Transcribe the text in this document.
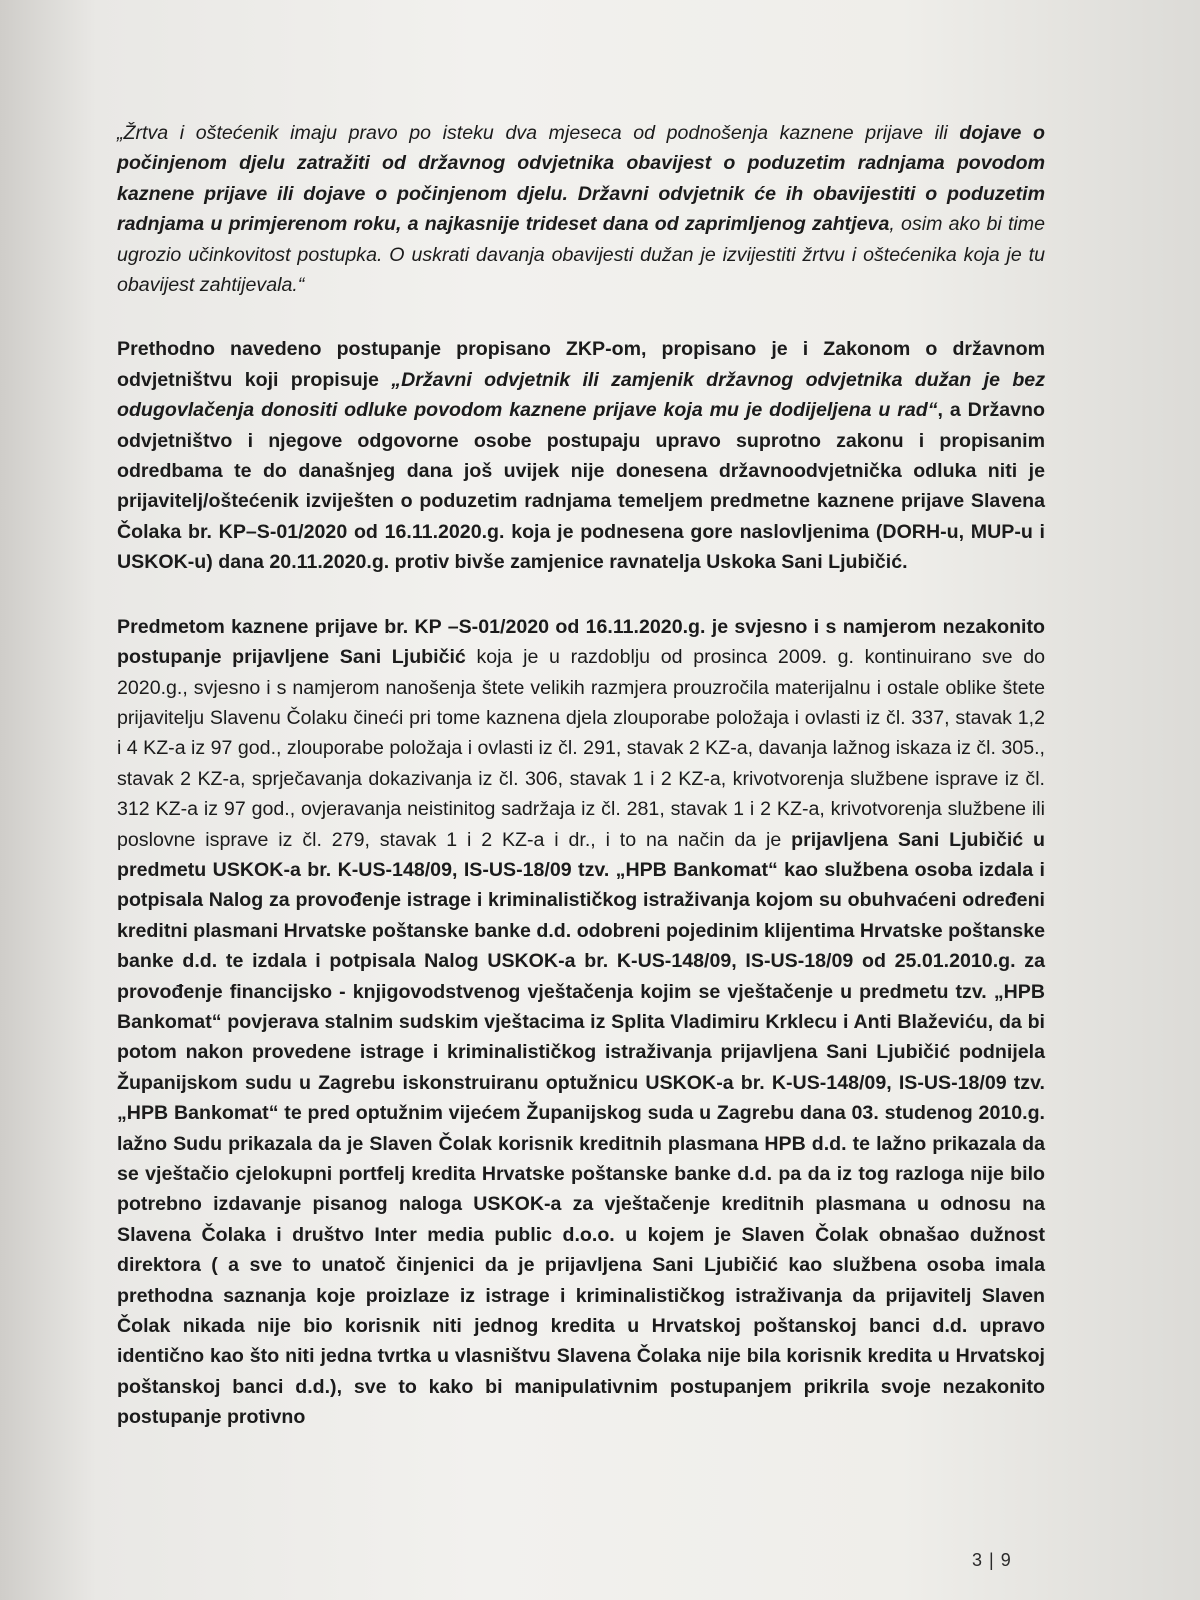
„Žrtva i oštećenik imaju pravo po isteku dva mjeseca od podnošenja kaznene prijave ili dojave o počinjenom djelu zatražiti od državnog odvjetnika obavijest o poduzetim radnjama povodom kaznene prijave ili dojave o počinjenom djelu. Državni odvjetnik će ih obavijestiti o poduzetim radnjama u primjerenom roku, a najkasnije trideset dana od zaprimljenog zahtjeva, osim ako bi time ugrozio učinkovitost postupka. O uskrati davanja obavijesti dužan je izvijestiti žrtvu i oštećenika koja je tu obavijest zahtijevala.“

Prethodno navedeno postupanje propisano ZKP-om, propisano je i Zakonom o državnom odvjetništvu koji propisuje „Državni odvjetnik ili zamjenik državnog odvjetnika dužan je bez odugovlačenja donositi odluke povodom kaznene prijave koja mu je dodijeljena u rad“, a Državno odvjetništvo i njegove odgovorne osobe postupaju upravo suprotno zakonu i propisanim odredbama te do današnjeg dana još uvijek nije donesena državnoodvjetnička odluka niti je prijavitelj/oštećenik izviješten o poduzetim radnjama temeljem predmetne kaznene prijave Slavena Čolaka br. KP–S-01/2020 od 16.11.2020.g. koja je podnesena gore naslovljenima (DORH-u, MUP-u i USKOK-u) dana 20.11.2020.g. protiv bivše zamjenice ravnatelja Uskoka Sani Ljubičić.

Predmetom kaznene prijave br. KP –S-01/2020 od 16.11.2020.g. je svjesno i s namjerom nezakonito postupanje prijavljene Sani Ljubičić koja je u razdoblju od prosinca 2009. g. kontinuirano sve do 2020.g., svjesno i s namjerom nanošenja štete velikih razmjera prouzročila materijalnu i ostale oblike štete prijavitelju Slavenu Čolaku čineći pri tome kaznena djela zlouporabe položaja i ovlasti iz čl. 337, stavak 1,2 i 4 KZ-a iz 97 god., zlouporabe položaja i ovlasti iz čl. 291, stavak 2 KZ-a, davanja lažnog iskaza iz čl. 305., stavak 2 KZ-a, sprječavanja dokazivanja iz čl. 306, stavak 1 i 2 KZ-a, krivotvorenja službene isprave iz čl. 312 KZ-a iz 97 god., ovjeravanja neistinitog sadržaja iz čl. 281, stavak 1 i 2 KZ-a, krivotvorenja službene ili poslovne isprave iz čl. 279, stavak 1 i 2 KZ-a i dr., i to na način da je prijavljena Sani Ljubičić u predmetu USKOK-a br. K-US-148/09, IS-US-18/09 tzv. „HPB Bankomat“ kao službena osoba izdala i potpisala Nalog za provođenje istrage i kriminalističkog istraživanja kojom su obuhvaćeni određeni kreditni plasmani Hrvatske poštanske banke d.d. odobreni pojedinim klijentima Hrvatske poštanske banke d.d. te izdala i potpisala Nalog USKOK-a br. K-US-148/09, IS-US-18/09 od 25.01.2010.g. za provođenje financijsko - knjigovodstvenog vještačenja kojim se vještačenje u predmetu tzv. „HPB Bankomat“ povjerava stalnim sudskim vještacima iz Splita Vladimiru Krklecu i Anti Blaževiću, da bi potom nakon provedene istrage i kriminalističkog istraživanja prijavljena Sani Ljubičić podnijela Županijskom sudu u Zagrebu iskonstruiranu optužnicu USKOK-a br. K-US-148/09, IS-US-18/09 tzv. „HPB Bankomat“ te pred optužnim vijećem Županijskog suda u Zagrebu dana 03. studenog 2010.g. lažno Sudu prikazala da je Slaven Čolak korisnik kreditnih plasmana HPB d.d. te lažno prikazala da se vještačio cjelokupni portfelj kredita Hrvatske poštanske banke d.d. pa da iz tog razloga nije bilo potrebno izdavanje pisanog naloga USKOK-a za vještačenje kreditnih plasmana u odnosu na Slavena Čolaka i društvo Inter media public d.o.o. u kojem je Slaven Čolak obnašao dužnost direktora ( a sve to unatoč činjenici da je prijavljena Sani Ljubičić kao službena osoba imala prethodna saznanja koje proizlaze iz istrage i kriminalističkog istraživanja da prijavitelj Slaven Čolak nikada nije bio korisnik niti jednog kredita u Hrvatskoj poštanskoj banci d.d. upravo identično kao što niti jedna tvrtka u vlasništvu Slavena Čolaka nije bila korisnik kredita u Hrvatskoj poštanskoj banci d.d.), sve to kako bi manipulativnim postupanjem prikrila svoje nezakonito postupanje protivno

3 | 9
